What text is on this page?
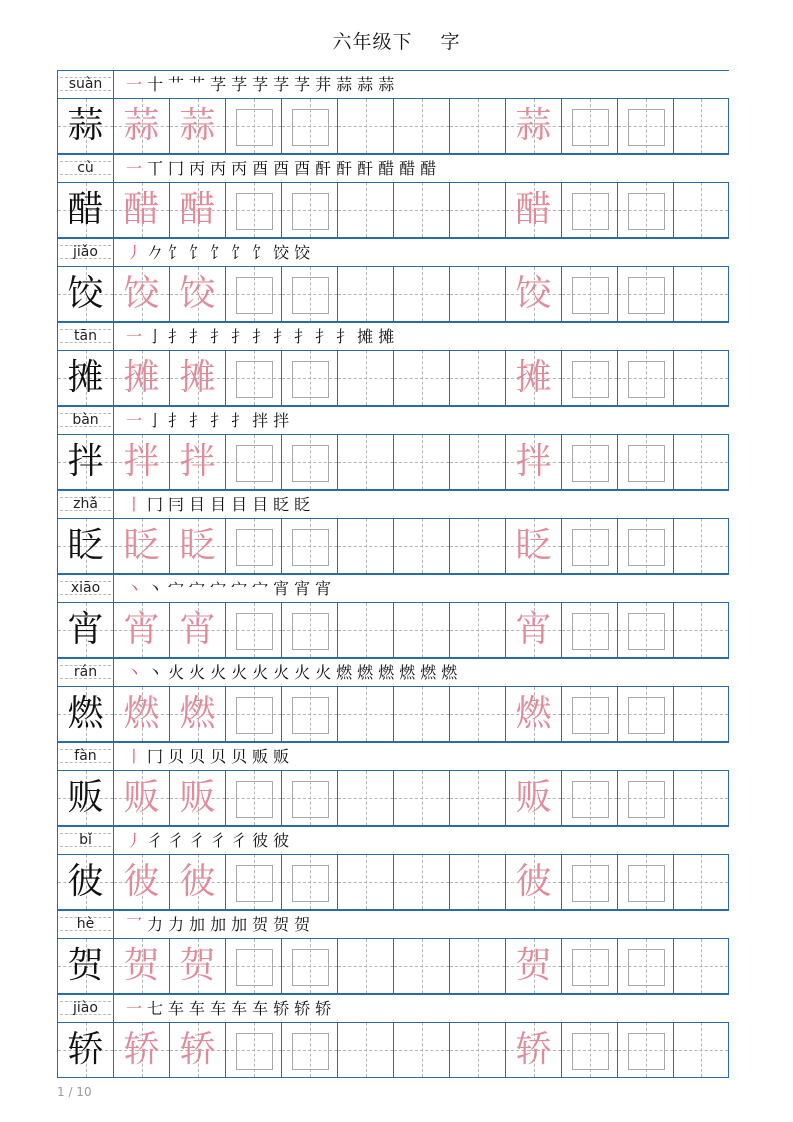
六年级下 字
suàn	一 十 艹 艹 芓 芓 芓 芓 芓 茾 蒜 蒜 蒜
蒜 蒜 蒜	蒜
cù	一 丅 冂 丙 丙 丙 酉 酉 酉 酐 酐 酐 醋 醋 醋
醋 醋 醋	醋
jiǎo	丿 𠂊 饣 饣 饣 饣 饣 饺 饺
饺 饺 饺	饺
tān	一 亅 扌 扌 扌 扌 扌 扌 扌 扌 扌 摊 摊
摊 摊 摊	摊
bàn	一 亅 扌 扌 扌 扌 拌 拌
拌 拌 拌	拌
zhǎ	丨 冂 冃 目 目 目 目 眨 眨
眨 眨 眨	眨
xiāo	丶 丶 宀 宀 宀 宀 宀 宵 宵 宵
宵 宵 宵	宵
rán	丶 丶 火 火 火 火 火 火 火 火 燃 燃 燃 燃 燃 燃
燃 燃 燃	燃
fàn	丨 冂 贝 贝 贝 贝 贩 贩
贩 贩 贩	贩
bǐ	丿 彳 彳 彳 彳 彳 彼 彼
彼 彼 彼	彼
hè	乛 力 力 加 加 加 贺 贺 贺
贺 贺 贺	贺
jiào	一 七 车 车 车 车 车 轿 轿 轿
轿 轿 轿	轿
1 / 10
